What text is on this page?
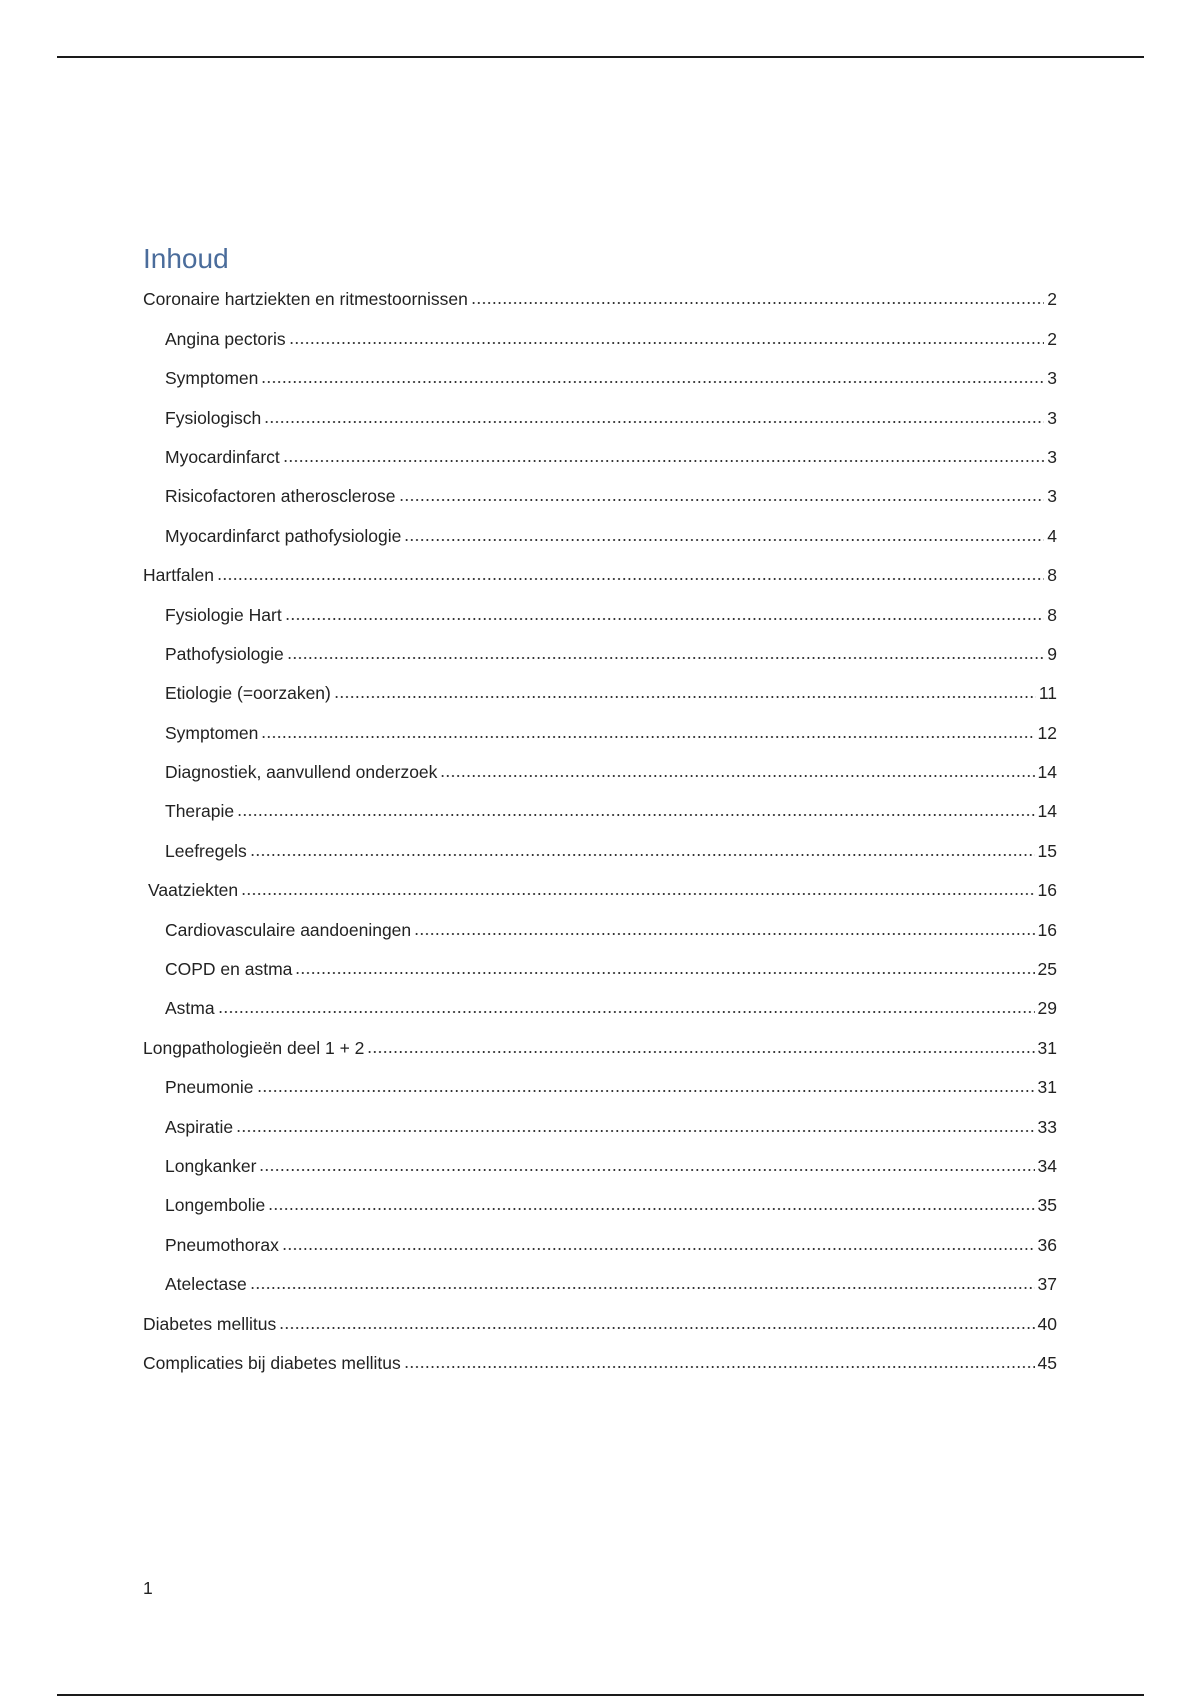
Inhoud
Coronaire hartziekten en ritmestoornissen	2
Angina pectoris	2
Symptomen	3
Fysiologisch	3
Myocardinfarct	3
Risicofactoren atherosclerose	3
Myocardinfarct pathofysiologie	4
Hartfalen	8
Fysiologie Hart	8
Pathofysiologie	9
Etiologie (=oorzaken)	11
Symptomen	12
Diagnostiek, aanvullend onderzoek	14
Therapie	14
Leefregels	15
Vaatziekten	16
Cardiovasculaire aandoeningen	16
COPD en astma	25
Astma	29
Longpathologieën deel 1 + 2	31
Pneumonie	31
Aspiratie	33
Longkanker	34
Longembolie	35
Pneumothorax	36
Atelectase	37
Diabetes mellitus	40
Complicaties bij diabetes mellitus	45
1
